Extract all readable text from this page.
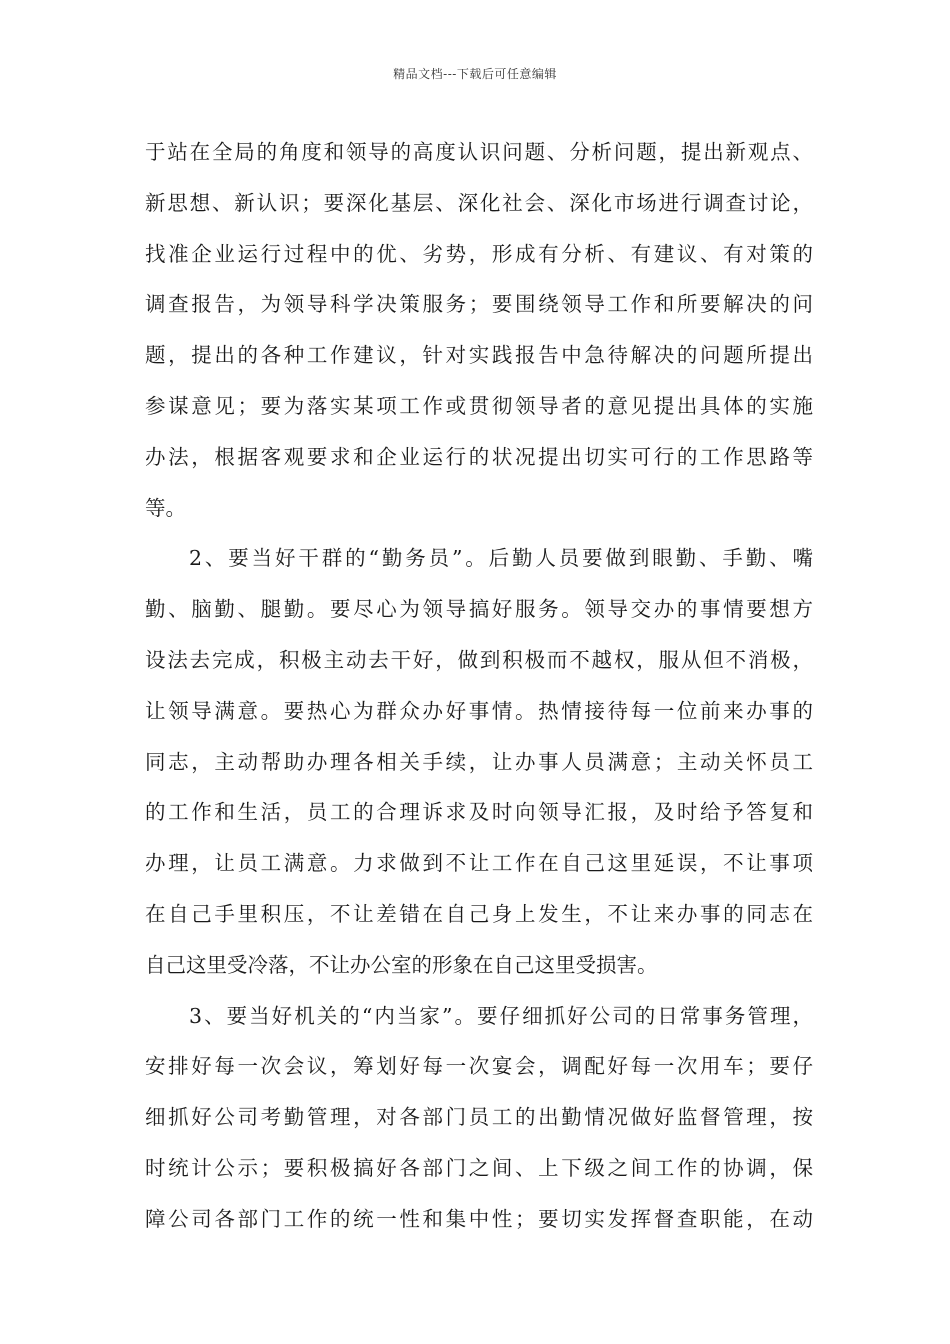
精品文档---下载后可任意编辑
于站在全局的角度和领导的高度认识问题、分析问题，提出新观点、
新思想、新认识；要深化基层、深化社会、深化市场进行调查讨论，
找准企业运行过程中的优、劣势，形成有分析、有建议、有对策的
调查报告，为领导科学决策服务；要围绕领导工作和所要解决的问
题，提出的各种工作建议，针对实践报告中急待解决的问题所提出
参谋意见；要为落实某项工作或贯彻领导者的意见提出具体的实施
办法，根据客观要求和企业运行的状况提出切实可行的工作思路等
等。
2、要当好干群的“勤务员”。后勤人员要做到眼勤、手勤、嘴
勤、脑勤、腿勤。要尽心为领导搞好服务。领导交办的事情要想方
设法去完成，积极主动去干好，做到积极而不越权，服从但不消极，
让领导满意。要热心为群众办好事情。热情接待每一位前来办事的
同志，主动帮助办理各相关手续，让办事人员满意；主动关怀员工
的工作和生活，员工的合理诉求及时向领导汇报，及时给予答复和
办理，让员工满意。力求做到不让工作在自己这里延误，不让事项
在自己手里积压，不让差错在自己身上发生，不让来办事的同志在
自己这里受冷落，不让办公室的形象在自己这里受损害。
3、要当好机关的“内当家”。要仔细抓好公司的日常事务管理，
安排好每一次会议，筹划好每一次宴会，调配好每一次用车；要仔
细抓好公司考勤管理，对各部门员工的出勤情况做好监督管理，按
时统计公示；要积极搞好各部门之间、上下级之间工作的协调，保
障公司各部门工作的统一性和集中性；要切实发挥督查职能，在动
